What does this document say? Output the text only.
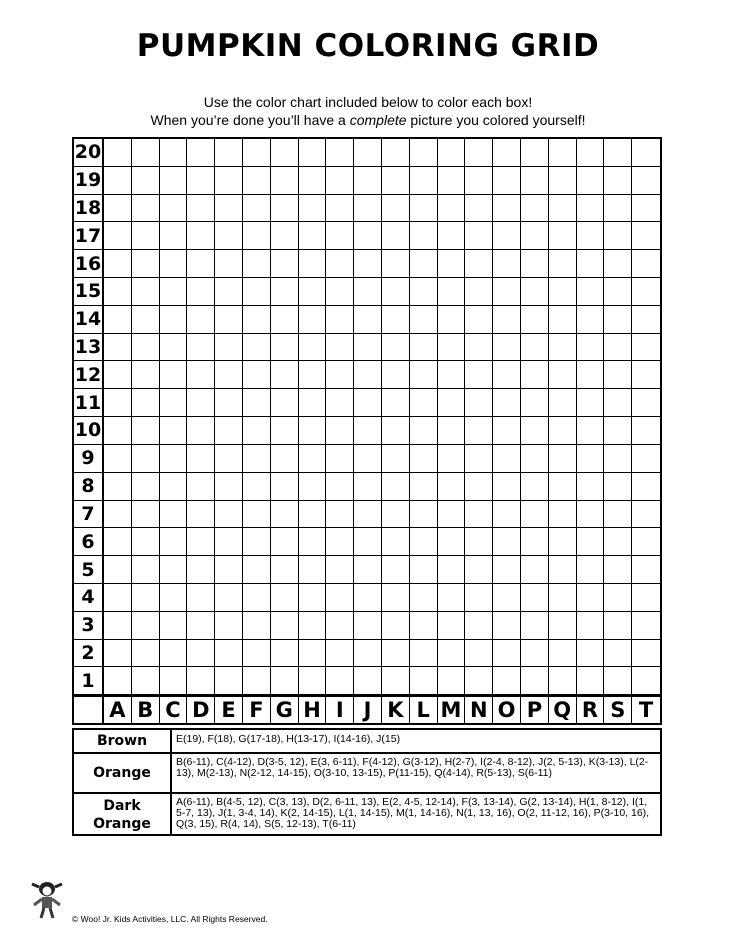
PUMPKIN COLORING GRID
Use the color chart included below to color each box!
When you’re done you’ll have a complete picture you colored yourself!
20
19
18
17
16
15
14
13
12
11
10
9
8
7
6
5
4
3
2
1
A B C D E F G H I J K L M N O P Q R S T
Brown	E(19), F(18), G(17-18), H(13-17), I(14-16), J(15)
Orange
B(6-11), C(4-12), D(3-5, 12), E(3, 6-11), F(4-12), G(3-12), H(2-7), I(2-4, 8-12), J(2, 5-13), K(3-13), L(2-13), M(2-13), N(2-12, 14-15), O(3-10, 13-15), P(11-15), Q(4-14), R(5-13), S(6-11)
Dark Orange
A(6-11), B(4-5, 12), C(3, 13), D(2, 6-11, 13), E(2, 4-5, 12-14), F(3, 13-14), G(2, 13-14), H(1, 8-12), I(1, 5-7, 13), J(1, 3-4, 14), K(2, 14-15), L(1, 14-15), M(1, 14-16), N(1, 13, 16), O(2, 11-12, 16), P(3-10, 16), Q(3, 15), R(4, 14), S(5, 12-13), T(6-11)
© Woo! Jr. Kids Activities, LLC. All Rights Reserved.
